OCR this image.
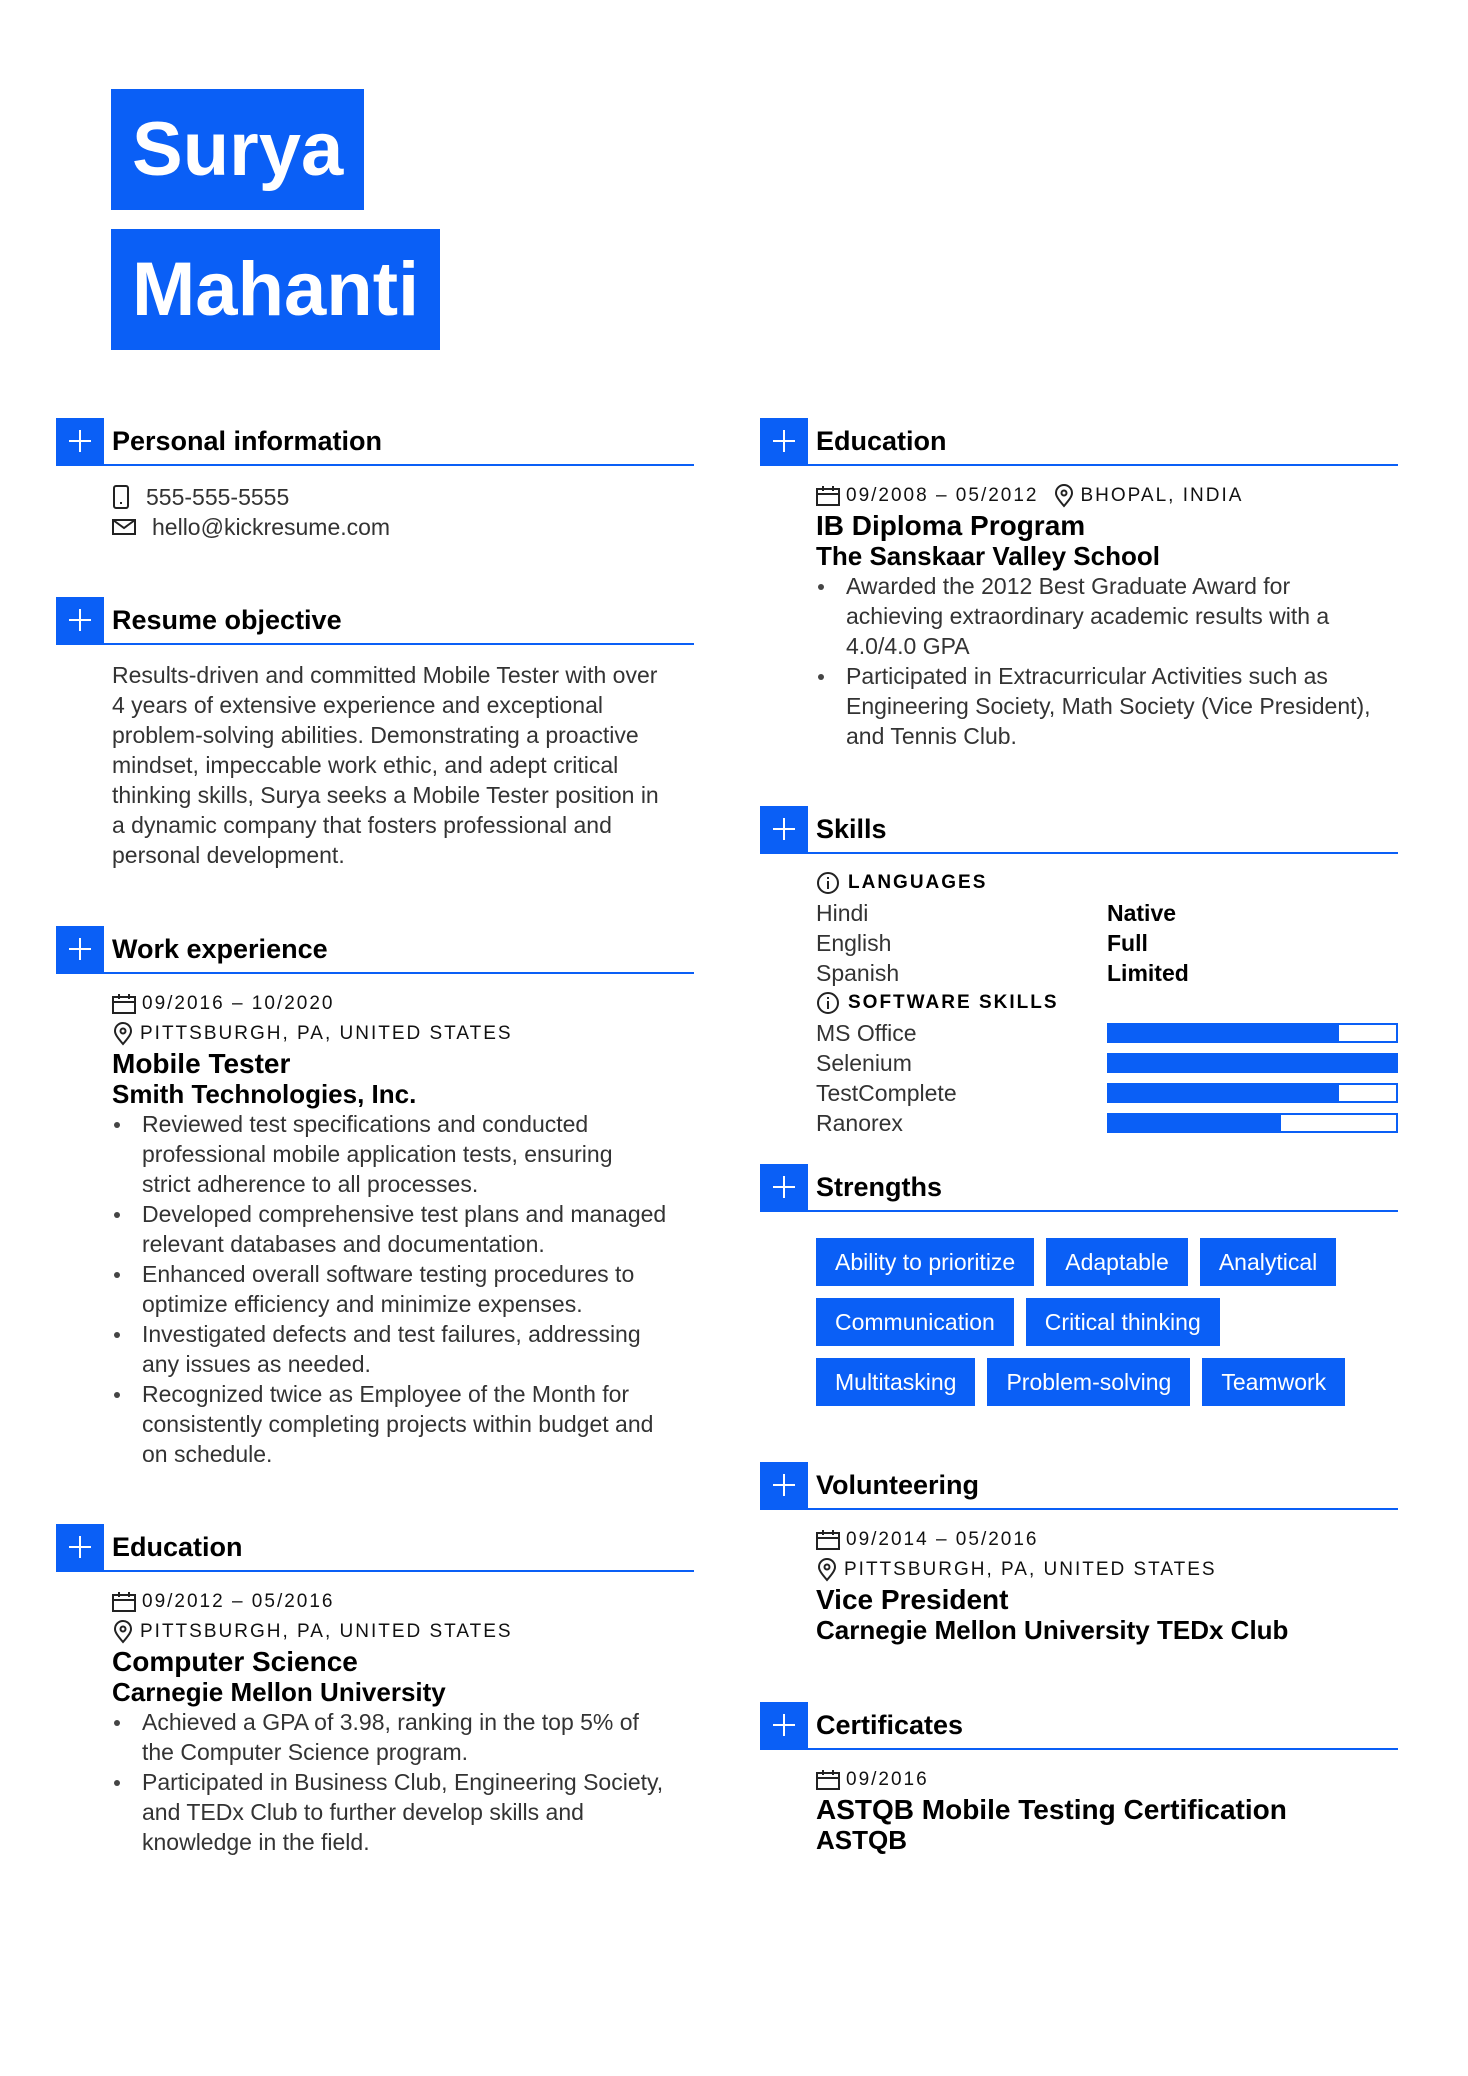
Surya
Mahanti
Personal information
555-555-5555
hello@kickresume.com
Resume objective
Results-driven and committed Mobile Tester with over
4 years of extensive experience and exceptional
problem-solving abilities. Demonstrating a proactive
mindset, impeccable work ethic, and adept critical
thinking skills, Surya seeks a Mobile Tester position in
a dynamic company that fosters professional and
personal development.
Work experience
09/2016 – 10/2020
PITTSBURGH, PA, UNITED STATES
Mobile Tester
Smith Technologies, Inc.
Reviewed test specifications and conducted
professional mobile application tests, ensuring
strict adherence to all processes.
Developed comprehensive test plans and managed
relevant databases and documentation.
Enhanced overall software testing procedures to
optimize efficiency and minimize expenses.
Investigated defects and test failures, addressing
any issues as needed.
Recognized twice as Employee of the Month for
consistently completing projects within budget and
on schedule.
Education
09/2012 – 05/2016
PITTSBURGH, PA, UNITED STATES
Computer Science
Carnegie Mellon University
Achieved a GPA of 3.98, ranking in the top 5% of
the Computer Science program.
Participated in Business Club, Engineering Society,
and TEDx Club to further develop skills and
knowledge in the field.
Education
09/2008 – 05/2012 BHOPAL, INDIA
IB Diploma Program
The Sanskaar Valley School
Awarded the 2012 Best Graduate Award for
achieving extraordinary academic results with a
4.0/4.0 GPA
Participated in Extracurricular Activities such as
Engineering Society, Math Society (Vice President),
and Tennis Club.
Skills
LANGUAGES
Hindi	Native
English	Full
Spanish	Limited
SOFTWARE SKILLS
MS Office
Selenium
TestComplete
Ranorex
Strengths
Ability to prioritize	Adaptable	Analytical
Communication	Critical thinking
Multitasking	Problem-solving	Teamwork
Volunteering
09/2014 – 05/2016
PITTSBURGH, PA, UNITED STATES
Vice President
Carnegie Mellon University TEDx Club
Certificates
09/2016
ASTQB Mobile Testing Certification
ASTQB
